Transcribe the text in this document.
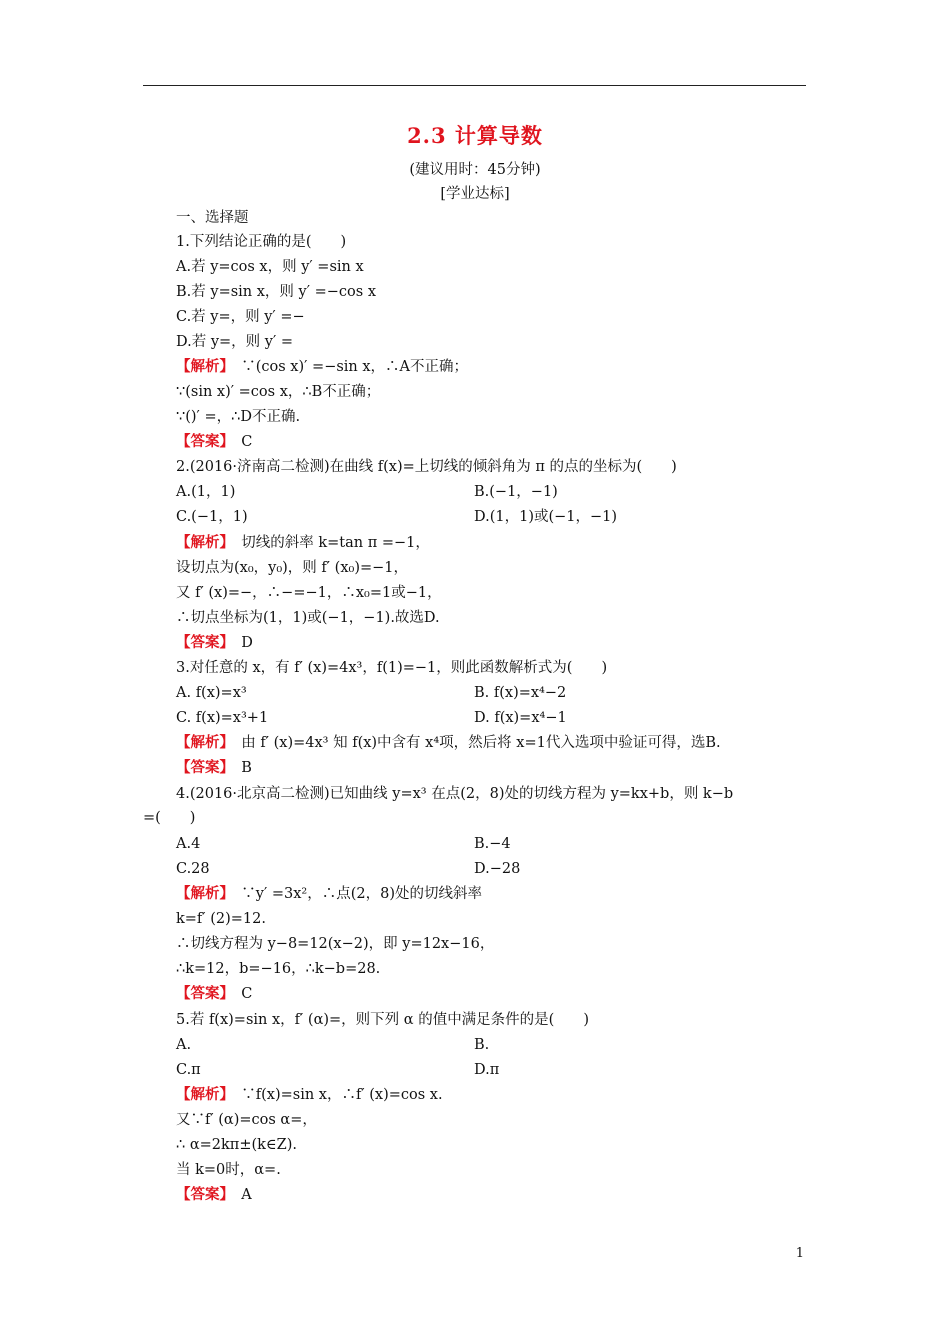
2.3 计算导数
(建议用时：45分钟)
[学业达标]
一、选择题
1.下列结论正确的是(　　)
A.若 y=cos x，则 y′ =sin x
B.若 y=sin x，则 y′ =−cos x
C.若 y=，则 y′ =−
D.若 y=，则 y′ =
【解析】　∵(cos x)′ =−sin x，∴A不正确；
∵(sin x)′ =cos x，∴B不正确；
∵()′ =，∴D不正确.
【答案】　C
2.(2016·济南高二检测)在曲线 f(x)=上切线的倾斜角为 π 的点的坐标为(　　)
A.(1，1)	B.(−1，−1)
C.(−1，1)	D.(1，1)或(−1，−1)
【解析】　切线的斜率 k=tan π =−1，
设切点为(x₀，y₀)，则 f′ (x₀)=−1，
又 f′ (x)=−，∴−=−1，∴x₀=1或−1，
∴切点坐标为(1，1)或(−1，−1).故选D.
【答案】　D
3.对任意的 x，有 f′ (x)=4x³，f(1)=−1，则此函数解析式为(　　)
A. f(x)=x³	B. f(x)=x⁴−2
C. f(x)=x³+1	D. f(x)=x⁴−1
【解析】　由 f′ (x)=4x³ 知 f(x)中含有 x⁴项，然后将 x=1代入选项中验证可得，选B.
【答案】　B
4.(2016·北京高二检测)已知曲线 y=x³ 在点(2，8)处的切线方程为 y=kx+b，则 k−b
=(　　)
A.4	B.−4
C.28	D.−28
【解析】　∵y′ =3x²，∴点(2，8)处的切线斜率
k=f′ (2)=12.
∴切线方程为 y−8=12(x−2)，即 y=12x−16，
∴k=12，b=−16，∴k−b=28.
【答案】　C
5.若 f(x)=sin x，f′ (α)=，则下列 α 的值中满足条件的是(　　)
A.	B.
C.π	D.π
【解析】　∵f(x)=sin x，∴f′ (x)=cos x.
又∵f′ (α)=cos α=，
∴ α=2kπ±(k∈Z).
当 k=0时，α=.
【答案】　A
1
